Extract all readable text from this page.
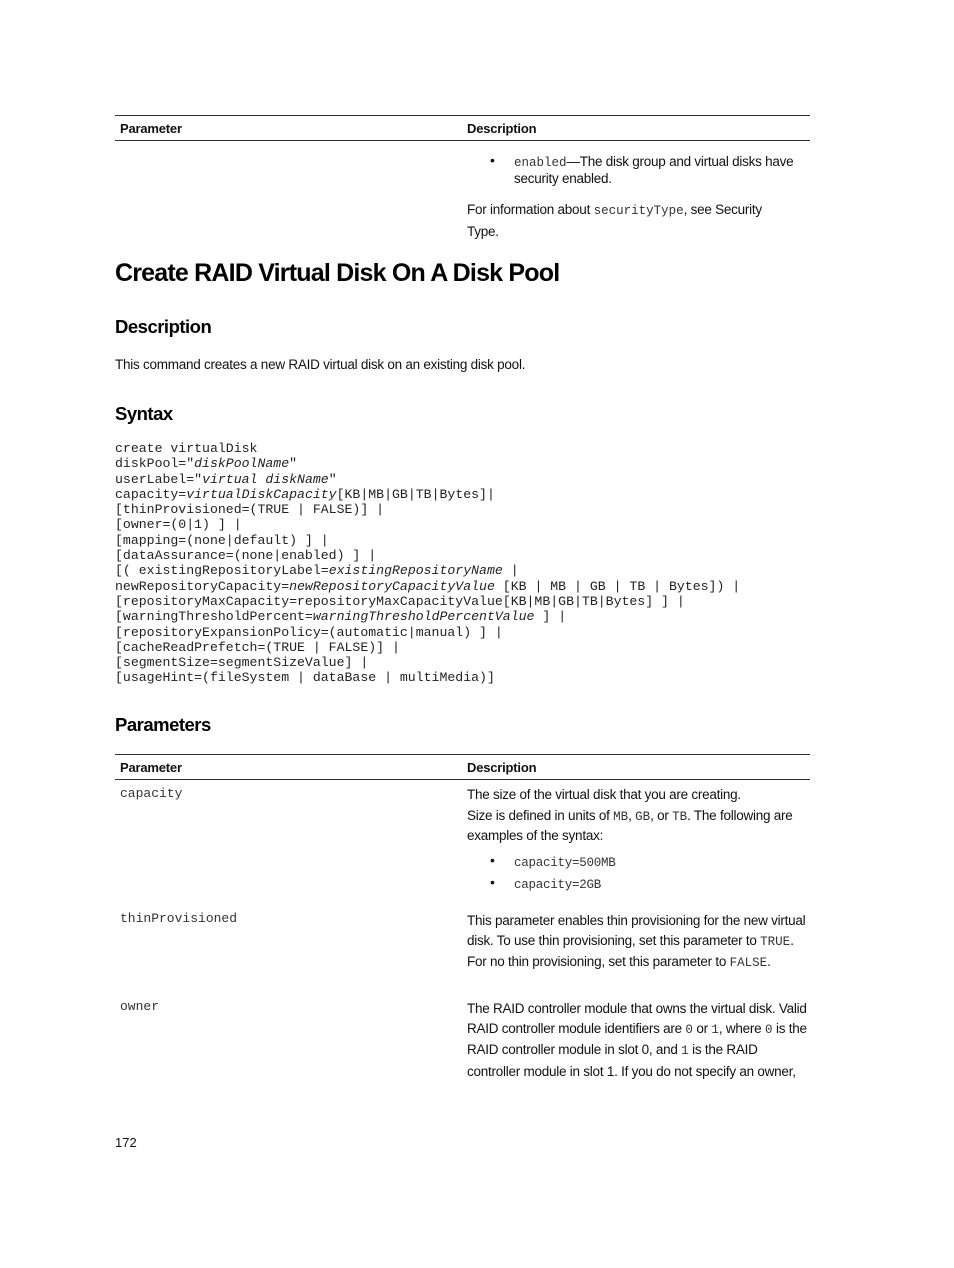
Parameter	Description
• enabled—The disk group and virtual disks have security enabled.
For information about securityType, see Security Type.
Create RAID Virtual Disk On A Disk Pool
Description
This command creates a new RAID virtual disk on an existing disk pool.
Syntax
create virtualDisk
diskPool="diskPoolName"
userLabel="virtual diskName"
capacity=virtualDiskCapacity[KB|MB|GB|TB|Bytes]|
[thinProvisioned=(TRUE | FALSE)] |
[owner=(0|1) ] |
[mapping=(none|default) ] |
[dataAssurance=(none|enabled) ] |
[( existingRepositoryLabel=existingRepositoryName |
newRepositoryCapacity=newRepositoryCapacityValue [KB | MB | GB | TB | Bytes]) |
[repositoryMaxCapacity=repositoryMaxCapacityValue[KB|MB|GB|TB|Bytes] ] |
[warningThresholdPercent=warningThresholdPercentValue ] |
[repositoryExpansionPolicy=(automatic|manual) ] |
[cacheReadPrefetch=(TRUE | FALSE)] |
[segmentSize=segmentSizeValue] |
[usageHint=(fileSystem | dataBase | multiMedia)]
Parameters
Parameter	Description
capacity	The size of the virtual disk that you are creating.
Size is defined in units of MB, GB, or TB. The following are examples of the syntax:
• capacity=500MB
• capacity=2GB
thinProvisioned	This parameter enables thin provisioning for the new virtual disk. To use thin provisioning, set this parameter to TRUE. For no thin provisioning, set this parameter to FALSE.
owner	The RAID controller module that owns the virtual disk. Valid RAID controller module identifiers are 0 or 1, where 0 is the RAID controller module in slot 0, and 1 is the RAID controller module in slot 1. If you do not specify an owner,
172
